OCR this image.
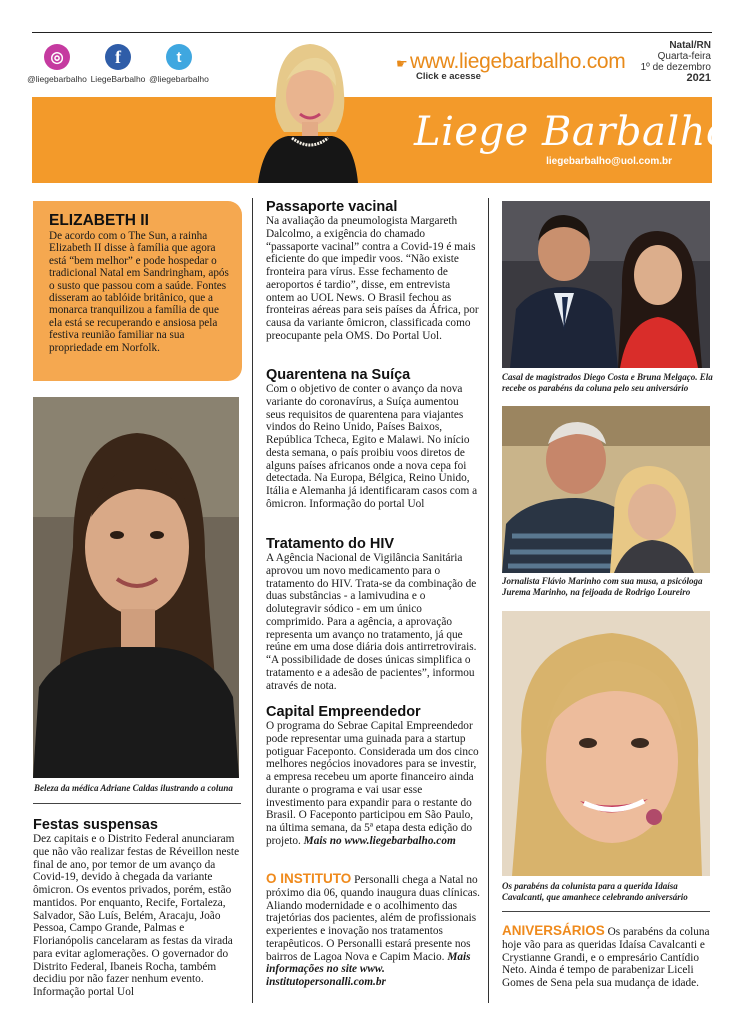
◎
@liegebarbalho
f
LiegeBarbalho
t
@liegebarbalho
☛ www.liegebarbalho.com
Click e acesse
Natal/RN
Quarta-feira
1º de dezembro
2021
Liege Barbalho
liegebarbalho@uol.com.br
ELIZABETH II

De acordo com o The Sun, a rainha Elizabeth II disse à família que agora está “bem melhor” e pode hospedar o tradicional Natal em Sandringham, após o susto que passou com a saúde. Fontes disseram ao tablóide britânico, que a monarca tranquilizou a família de que ela está se recuperando e ansiosa pela festiva reunião familiar na sua propriedade em Norfolk.

Beleza da médica Adriane Caldas ilustrando a coluna
Festas suspensas

Dez capitais e o Distrito Federal anunciaram que não vão realizar festas de Réveillon neste final de ano, por temor de um avanço da Covid-19, devido à chegada da variante ômicron. Os eventos privados, porém, estão mantidos. Por enquanto, Recife, Fortaleza, Salvador, São Luís, Belém, Aracaju, João Pessoa, Campo Grande, Palmas e Florianópolis cancelaram as festas da virada para evitar aglomerações. O governador do Distrito Federal, Ibaneis Rocha, também decidiu por não fazer nenhum evento. Informação portal Uol

Passaporte vacinal

Na avaliação da pneumologista Margareth Dalcolmo, a exigência do chamado “passaporte vacinal” contra a Covid-19 é mais eficiente do que impedir voos. “Não existe fronteira para vírus. Esse fechamento de aeroportos é tardio”, disse, em entrevista ontem ao UOL News. O Brasil fechou as fronteiras aéreas para seis países da África, por causa da variante ômicron, classificada como preocupante pela OMS. Do Portal Uol.

Quarentena na Suíça

Com o objetivo de conter o avanço da nova variante do coronavírus, a Suíça aumentou seus requisitos de quarentena para viajantes vindos do Reino Unido, Países Baixos, República Tcheca, Egito e Malawi. No início desta semana, o país proibiu voos diretos de alguns países africanos onde a nova cepa foi detectada. Na Europa, Bélgica, Reino Unido, Itália e Alemanha já identificaram casos com a ômicron. Informação do portal Uol

Tratamento do HIV

A Agência Nacional de Vigilância Sanitária aprovou um novo medicamento para o tratamento do HIV. Trata-se da combinação de duas substâncias - a lamivudina e o dolutegravir sódico - em um único comprimido. Para a agência, a aprovação representa um avanço no tratamento, já que reúne em uma dose diária dois antirretrovirais. “A possibilidade de doses únicas simplifica o tratamento e a adesão de pacientes”, informou através de nota.

Capital Empreendedor

O programa do Sebrae Capital Empreendedor pode representar uma guinada para a startup potiguar Faceponto. Considerada um dos cinco melhores negócios inovadores para se investir, a empresa recebeu um aporte financeiro ainda durante o programa e vai usar esse investimento para expandir para o restante do Brasil. O Faceponto participou em São Paulo, na última semana, da 5ª etapa desta edição do projeto. Mais no www.liegebarbalho.com

O INSTITUTO Personalli chega a Natal no próximo dia 06, quando inaugura duas clínicas. Aliando modernidade e o acolhimento das trajetórias dos pacientes, além de profissionais experientes e inovação nos tratamentos terapêuticos. O Personalli estará presente nos bairros de Lagoa Nova e Capim Macio. Mais informações no site www. institutopersonalli.com.br

Casal de magistrados Diego Costa e Bruna Melgaço. Ela recebe os parabéns da coluna pelo seu aniversário
Jornalista Flávio Marinho com sua musa, a psicóloga Jurema Marinho, na feijoada de Rodrigo Loureiro
Os parabéns da colunista para a querida Idaísa Cavalcanti, que amanhece celebrando aniversário

ANIVERSÁRIOS Os parabéns da coluna hoje vão para as queridas Idaísa Cavalcanti e Crystianne Grandi, e o empresário Cantídio Neto. Ainda é tempo de parabenizar Liceli Gomes de Sena pela sua mudança de idade.
